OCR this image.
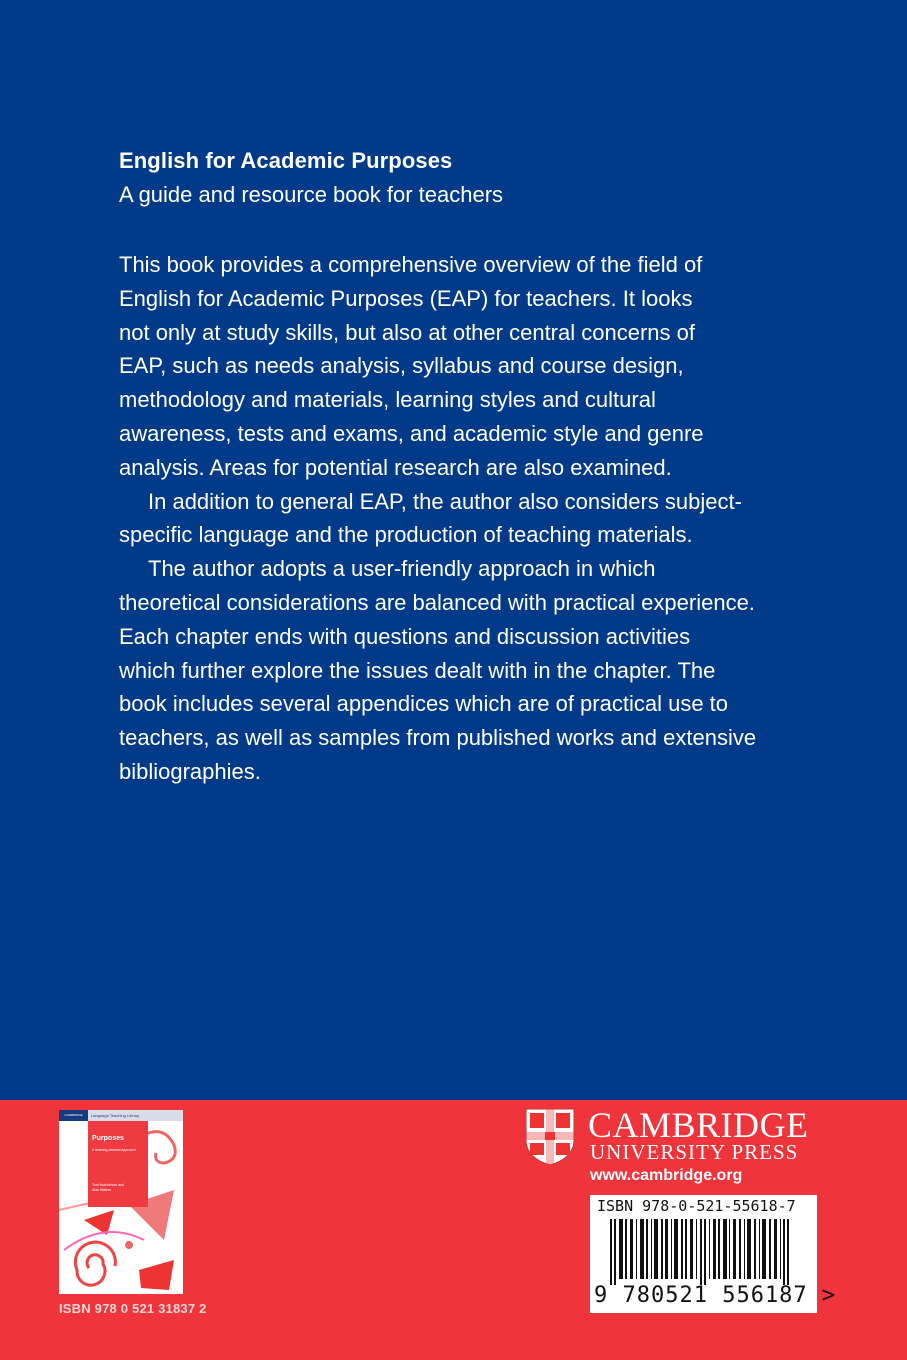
English for Academic Purposes
A guide and resource book for teachers

This book provides a comprehensive overview of the field of

English for Academic Purposes (EAP) for teachers. It looks

not only at study skills, but also at other central concerns of

EAP, such as needs analysis, syllabus and course design,

methodology and materials, learning styles and cultural

awareness, tests and exams, and academic style and genre

analysis. Areas for potential research are also examined.

In addition to general EAP, the author also considers subject-

specific language and the production of teaching materials.

The author adopts a user-friendly approach in which

theoretical considerations are balanced with practical experience.

Each chapter ends with questions and discussion activities

which further explore the issues dealt with in the chapter. The

book includes several appendices which are of practical use to

teachers, as well as samples from published works and extensive

bibliographies.

CAMBRIDGE	Language Teaching Library
Purposes
A learning-centred approach
Tom Hutchinson and
Alan Waters
ISBN 978 0 521 31837 2
CAMBRIDGE
UNIVERSITY PRESS
www.cambridge.org
ISBN 978-0-521-55618-7
9 780521 556187 >
